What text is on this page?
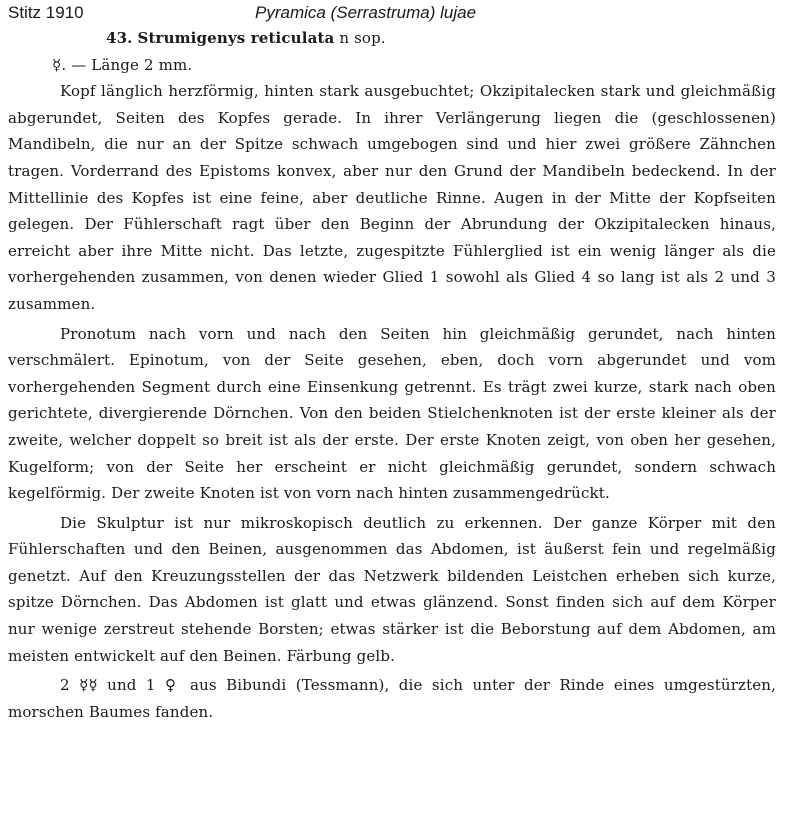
Stitz 1910	Pyramica (Serrastruma) lujae

43. Strumigenys reticulata n sop.

☿. — Länge 2 mm.

Kopf länglich herzförmig, hinten stark ausgebuchtet; Okzipitalecken stark und gleichmäßig abgerundet, Seiten des Kopfes gerade. In ihrer Verlängerung liegen die (geschlossenen) Mandibeln, die nur an der Spitze schwach umgebogen sind und hier zwei größere Zähnchen tragen. Vorderrand des Epistoms konvex, aber nur den Grund der Mandibeln bedeckend. In der Mittellinie des Kopfes ist eine feine, aber deutliche Rinne. Augen in der Mitte der Kopfseiten gelegen. Der Fühlerschaft ragt über den Beginn der Abrundung der Okzipitalecken hinaus, erreicht aber ihre Mitte nicht. Das letzte, zugespitzte Fühlerglied ist ein wenig länger als die vorhergehenden zusammen, von denen wieder Glied 1 sowohl als Glied 4 so lang ist als 2 und 3 zusammen.

Pronotum nach vorn und nach den Seiten hin gleichmäßig gerundet, nach hinten verschmälert. Epinotum, von der Seite gesehen, eben, doch vorn abgerundet und vom vorhergehenden Segment durch eine Einsenkung getrennt. Es trägt zwei kurze, stark nach oben gerichtete, divergierende Dörnchen. Von den beiden Stielchenknoten ist der erste kleiner als der zweite, welcher doppelt so breit ist als der erste. Der erste Knoten zeigt, von oben her gesehen, Kugelform; von der Seite her erscheint er nicht gleichmäßig gerundet, sondern schwach kegelförmig. Der zweite Knoten ist von vorn nach hinten zusammengedrückt.

Die Skulptur ist nur mikroskopisch deutlich zu erkennen. Der ganze Körper mit den Fühlerschaften und den Beinen, ausgenommen das Abdomen, ist äußerst fein und regelmäßig genetzt. Auf den Kreuzungsstellen der das Netzwerk bildenden Leistchen erheben sich kurze, spitze Dörnchen. Das Abdomen ist glatt und etwas glänzend. Sonst finden sich auf dem Körper nur wenige zerstreut stehende Borsten; etwas stärker ist die Beborstung auf dem Abdomen, am meisten entwickelt auf den Beinen. Färbung gelb.

2 ☿☿ und 1 ♀ aus Bibundi (Tessmann), die sich unter der Rinde eines umgestürzten, morschen Baumes fanden.
